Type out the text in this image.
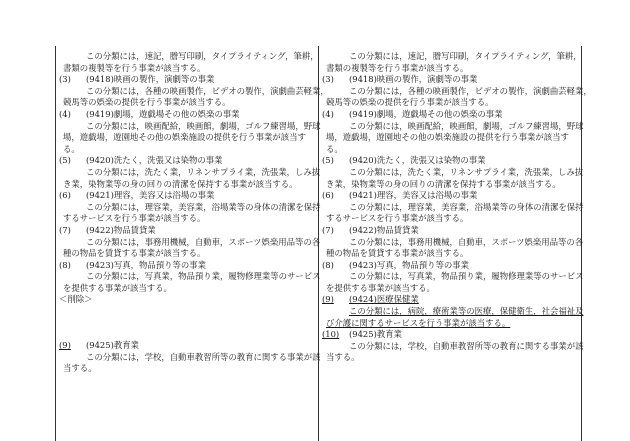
この分類には，速記，謄写印刷，タイプライティング，筆耕，

書類の複製等を行う事業が該当する。

(3) (9418)映画の製作，演劇等の事業

この分類には，各種の映画製作，ビデオの製作，演劇曲芸軽業，

競馬等の娯楽の提供を行う事業が該当する。

(4) (9419)劇場，遊戯場その他の娯楽の事業

この分類には，映画配給，映画館，劇場，ゴルフ練習場，野球

場，遊戯場，遊園地その他の娯楽施設の提供を行う事業が該当す

る。

(5) (9420)洗たく，洗張又は染物の事業

この分類には，洗たく業，リネンサプライ業，洗張業，しみ抜

き業，染物業等の身の回りの清潔を保持する事業が該当する。

(6) (9421)理容，美容又は浴場の事業

この分類には，理容業，美容業，浴場業等の身体の清潔を保持

するサービスを行う事業が該当する。

(7) (9422)物品賃貸業

この分類には，事務用機械，自動車，スポーツ娯楽用品等の各

種の物品を賃貸する事業が該当する。

(8) (9423)写真，物品預り等の事業

この分類には，写真業，物品預り業，履物修理業等のサービス

を提供する事業が該当する。

＜削除＞

(9) (9425)教育業

この分類には，学校，自動車教習所等の教育に関する事業が該

当する。

この分類には，速記，謄写印刷，タイプライティング，筆耕，

書類の複製等を行う事業が該当する。

(3) (9418)映画の製作，演劇等の事業

この分類には，各種の映画製作，ビデオの製作，演劇曲芸軽業，

競馬等の娯楽の提供を行う事業が該当する。

(4) (9419)劇場，遊戯場その他の娯楽の事業

この分類には，映画配給，映画館，劇場，ゴルフ練習場，野球

場，遊戯場，遊園地その他の娯楽施設の提供を行う事業が該当す

る。

(5) (9420)洗たく，洗張又は染物の事業

この分類には，洗たく業，リネンサプライ業，洗張業，しみ抜

き業，染物業等の身の回りの清潔を保持する事業が該当する。

(6) (9421)理容，美容又は浴場の事業

この分類には，理容業，美容業，浴場業等の身体の清潔を保持

するサービスを行う事業が該当する。

(7) (9422)物品賃貸業

この分類には，事務用機械，自動車，スポーツ娯楽用品等の各

種の物品を賃貸する事業が該当する。

(8) (9423)写真，物品預り等の事業

この分類には，写真業，物品預り業，履物修理業等のサービス

を提供する事業が該当する。

(9) (9424)医療保健業

この分類には，病院，療術業等の医療，保健衛生，社会福祉及

び介護に関するサービスを行う事業が該当する。

(10) (9425)教育業

この分類には，学校，自動車教習所等の教育に関する事業が該

当する。
